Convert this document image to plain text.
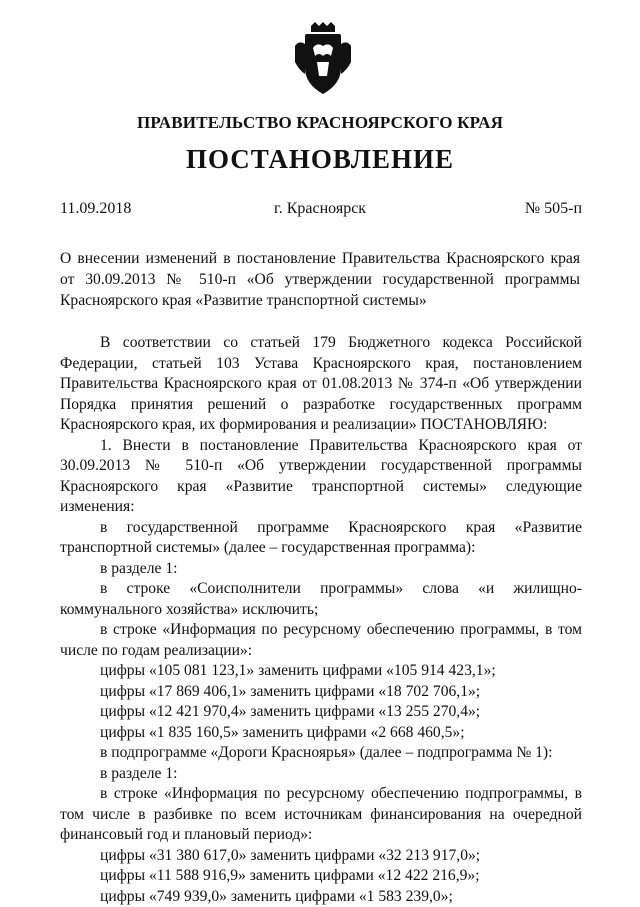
ПРАВИТЕЛЬСТВО КРАСНОЯРСКОГО КРАЯ
ПОСТАНОВЛЕНИЕ
11.09.2018	г. Красноярск	№ 505-п
О внесении изменений в постановление Правительства Красноярского края от 30.09.2013 № 510-п «Об утверждении государственной программы Красноярского края «Развитие транспортной системы»

В соответствии со статьей 179 Бюджетного кодекса Российской Федерации, статьей 103 Устава Красноярского края, постановлением Правительства Красноярского края от 01.08.2013 № 374-п «Об утверждении Порядка принятия решений о разработке государственных программ Красноярского края, их формирования и реализации» ПОСТАНОВЛЯЮ:

1. Внести в постановление Правительства Красноярского края от 30.09.2013 № 510-п «Об утверждении государственной программы Красноярского края «Развитие транспортной системы» следующие изменения:

в государственной программе Красноярского края «Развитие транспортной системы» (далее – государственная программа):

в разделе 1:

в строке «Соисполнители программы» слова «и жилищно-коммунального хозяйства» исключить;

в строке «Информация по ресурсному обеспечению программы, в том числе по годам реализации»:

цифры «105 081 123,1» заменить цифрами «105 914 423,1»;

цифры «17 869 406,1» заменить цифрами «18 702 706,1»;

цифры «12 421 970,4» заменить цифрами «13 255 270,4»;

цифры «1 835 160,5» заменить цифрами «2 668 460,5»;

в подпрограмме «Дороги Красноярья» (далее – подпрограмма № 1):

в разделе 1:

в строке «Информация по ресурсному обеспечению подпрограммы, в том числе в разбивке по всем источникам финансирования на очередной финансовый год и плановый период»:

цифры «31 380 617,0» заменить цифрами «32 213 917,0»;

цифры «11 588 916,9» заменить цифрами «12 422 216,9»;

цифры «749 939,0» заменить цифрами «1 583 239,0»;
